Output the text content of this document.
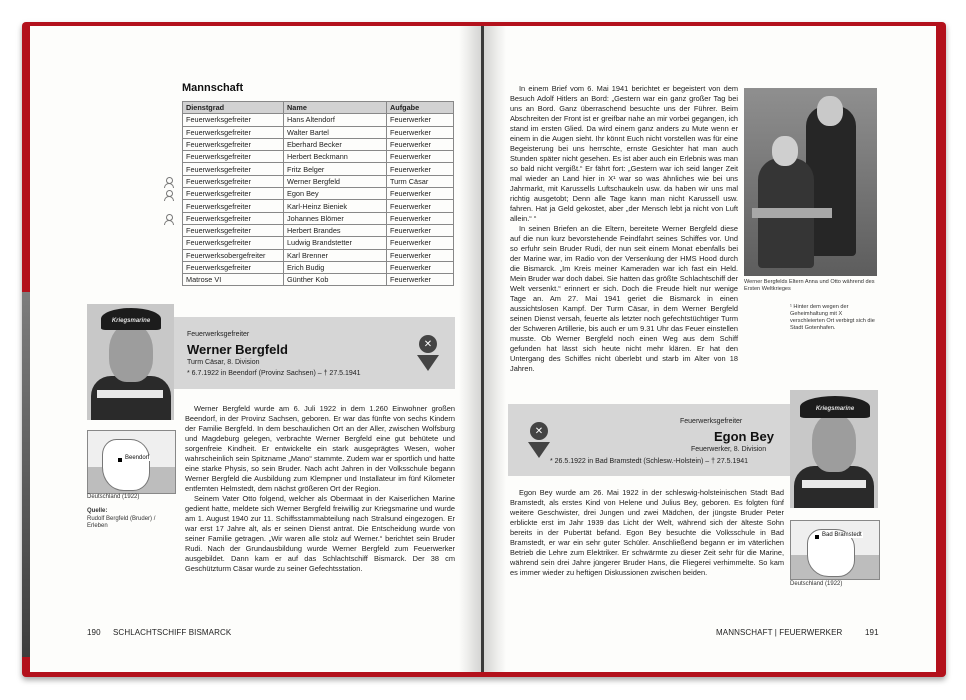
Mannschaft
Dienstgrad	Name	Aufgabe
Feuerwerksgefreiter	Hans Altendorf	Feuerwerker
Feuerwerksgefreiter	Walter Bartel	Feuerwerker
Feuerwerksgefreiter	Eberhard Becker	Feuerwerker
Feuerwerksgefreiter	Herbert Beckmann	Feuerwerker
Feuerwerksgefreiter	Fritz Belger	Feuerwerker
Feuerwerksgefreiter	Werner Bergfeld	Turm Cäsar
Feuerwerksgefreiter	Egon Bey	Feuerwerker
Feuerwerksgefreiter	Karl-Heinz Bieniek	Feuerwerker
Feuerwerksgefreiter	Johannes Blömer	Feuerwerker
Feuerwerksgefreiter	Herbert Brandes	Feuerwerker
Feuerwerksgefreiter	Ludwig Brandstetter	Feuerwerker
Feuerwerksobergefreiter	Karl Brenner	Feuerwerker
Feuerwerksgefreiter	Erich Budig	Feuerwerker
Matrose VI	Günther Kob	Feuerwerker
Feuerwerksgefreiter
Werner Bergfeld
Turm Cäsar, 8. Division
* 6.7.1922 in Beendorf (Provinz Sachsen) – † 27.5.1941
✕
Kriegsmarine
Beendorf
Deutschland (1922)
Quelle:
Rudolf Bergfeld (Bruder) / Erleben

Werner Bergfeld wurde am 6. Juli 1922 in dem 1.260 Einwohner großen Beendorf, in der Provinz Sachsen, geboren. Er war das fünfte von sechs Kindern der Familie Bergfeld. In dem beschaulichen Ort an der Aller, zwischen Wolfsburg und Magdeburg gelegen, verbrachte Werner Bergfeld eine gut behütete und sorgenfreie Kindheit. Er entwickelte ein stark ausgeprägtes Wesen, woher wahrscheinlich sein Spitzname „Mano“ stammte. Zudem war er sportlich und hatte eine starke Physis, so sein Bruder. Nach acht Jahren in der Volksschule begann Werner Bergfeld die Ausbildung zum Klempner und Installateur im fünf Kilometer entfernten Helmstedt, dem nächst größeren Ort der Region.

Seinem Vater Otto folgend, welcher als Obermaat in der Kaiserlichen Marine gedient hatte, meldete sich Werner Bergfeld freiwillig zur Kriegsmarine und wurde am 1. August 1940 zur 11. Schiffsstammabteilung nach Stralsund eingezogen. Er war erst 17 Jahre alt, als er seinen Dienst antrat. Die Entscheidung wurde von seiner Familie getragen. „Wir waren alle stolz auf Werner.“ berichtet sein Bruder Rudi. Nach der Grundausbildung wurde Werner Bergfeld zum Feuerwerker ausgebildet. Dann kam er auf das Schlachtschiff Bismarck. Der 38 cm Geschützturm Cäsar wurde zu seiner Gefechtsstation.

190 SCHLACHTSCHIFF BISMARCK

In einem Brief vom 6. Mai 1941 berichtet er begeistert von dem Besuch Adolf Hitlers an Bord: „Gestern war ein ganz großer Tag bei uns an Bord. Ganz überraschend besuchte uns der Führer. Beim Abschreiten der Front ist er greifbar nahe an mir vorbei gegangen, ich stand im ersten Glied. Da wird einem ganz anders zu Mute wenn er einem in die Augen sieht. Ihr könnt Euch nicht vorstellen was für eine Begeisterung bei uns herrschte, ernste Gesichter hat man auch Stunden später nicht gesehen. Es ist aber auch ein Erlebnis was man so bald nicht vergißt.“ Er fährt fort: „Gestern war ich seid langer Zeit mal wieder an Land hier in X¹ war so was ähnliches wie bei uns Jahrmarkt, mit Karussells Luftschaukeln usw. da haben wir uns mal richtig ausgetobt; Denn alle Tage kann man nicht Karussell usw. fahren. Hat ja Geld gekostet, aber „der Mensch lebt ja nicht von Luft allein.“ “

In seinen Briefen an die Eltern, bereitete Werner Bergfeld diese auf die nun kurz bevorstehende Feindfahrt seines Schiffes vor. Und so erfuhr sein Bruder Rudi, der nun seit einem Monat ebenfalls bei der Marine war, im Radio von der Versenkung der HMS Hood durch die Bismarck. „Im Kreis meiner Kameraden war ich fast ein Held. Mein Bruder war doch dabei. Sie hatten das größte Schlachtschiff der Welt versenkt.“ erinnert er sich. Doch die Freude hielt nur wenige Tage an. Am 27. Mai 1941 geriet die Bismarck in einen aussichtslosen Kampf. Der Turm Cäsar, in dem Werner Bergfeld seinen Dienst versah, feuerte als letzter noch gefechtstüchtiger Turm der Schweren Artillerie, bis auch er um 9.31 Uhr das Feuer einstellen musste. Ob Werner Bergfeld noch einen Weg aus dem Schiff gefunden hat lässt sich heute nicht mehr klären. Er hat den Untergang des Schiffes nicht überlebt und starb im Alter von 18 Jahren.

Werner Bergfelds Eltern Anna und Otto während des Ersten Weltkrieges
¹ Hinter dem wegen der Geheimhaltung mit X verschleierten Ort verbirgt sich die Stadt Gotenhafen.
✕
Feuerwerksgefreiter
Egon Bey
Feuerwerker, 8. Division
* 26.5.1922 in Bad Bramstedt (Schlesw.-Holstein) – † 27.5.1941
Kriegsmarine
Bad Bramstedt
Deutschland (1922)

Egon Bey wurde am 26. Mai 1922 in der schleswig-holsteinischen Stadt Bad Bramstedt, als erstes Kind von Helene und Julius Bey, geboren. Es folgten fünf weitere Geschwister, drei Jungen und zwei Mädchen, der jüngste Bruder Peter erblickte erst im Jahr 1939 das Licht der Welt, während sich der älteste Sohn bereits in der Pubertät befand. Egon Bey besuchte die Volksschule in Bad Bramstedt, er war ein sehr guter Schüler. Anschließend begann er im väterlichen Betrieb die Lehre zum Elektriker. Er schwärmte zu dieser Zeit sehr für die Marine, während sein drei Jahre jüngerer Bruder Hans, die Fliegerei verhimmelte. So kam es immer wieder zu heftigen Diskussionen zwischen beiden.

MANNSCHAFT | FEUERWERKER	191
